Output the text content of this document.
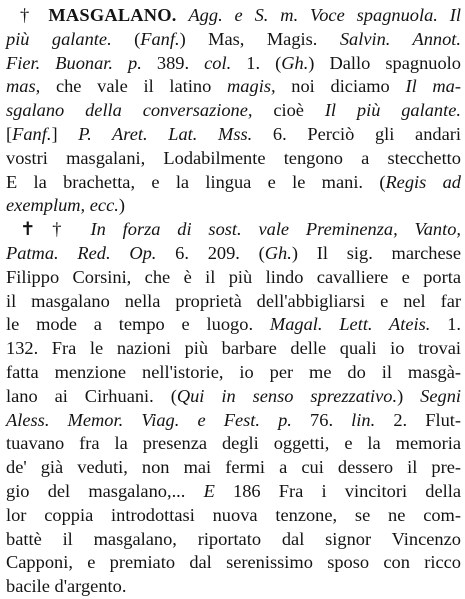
† MASGALANO. Agg. e S. m. Voce spagnuola. Il
più galante. (Fanf.) Mas, Magis. Salvin. Annot.
Fier. Buonar. p. 389. col. 1. (Gh.) Dallo spagnuolo
mas, che vale il latino magis, noi diciamo Il ma-
sgalano della conversazione, cioè Il più galante.
[Fanf.] P. Aret. Lat. Mss. 6. Perciò gli andari
vostri masgalani, Lodabilmente tengono a stecchetto
E la brachetta, e la lingua e le mani. (Regis ad
exemplum, ecc.)
✝ † In forza di sost. vale Preminenza, Vanto,
Patma. Red. Op. 6. 209. (Gh.) Il sig. marchese
Filippo Corsini, che è il più lindo cavalliere e porta
il masgalano nella proprietà dell'abbigliarsi e nel far
le mode a tempo e luogo. Magal. Lett. Ateis. 1.
132. Fra le nazioni più barbare delle quali io trovai
fatta menzione nell'istorie, io per me do il masgà-
lano ai Cirhuani. (Qui in senso sprezzativo.) Segni
Aless. Memor. Viag. e Fest. p. 76. lin. 2. Flut-
tuavano fra la presenza degli oggetti, e la memoria
de' già veduti, non mai fermi a cui dessero il pre-
gio del masgalano,... E 186 Fra i vincitori della
lor coppia introdottasi nuova tenzone, se ne com-
battè il masgalano, riportato dal signor Vincenzo
Capponi, e premiato dal serenissimo sposo con ricco
bacile d'argento.
